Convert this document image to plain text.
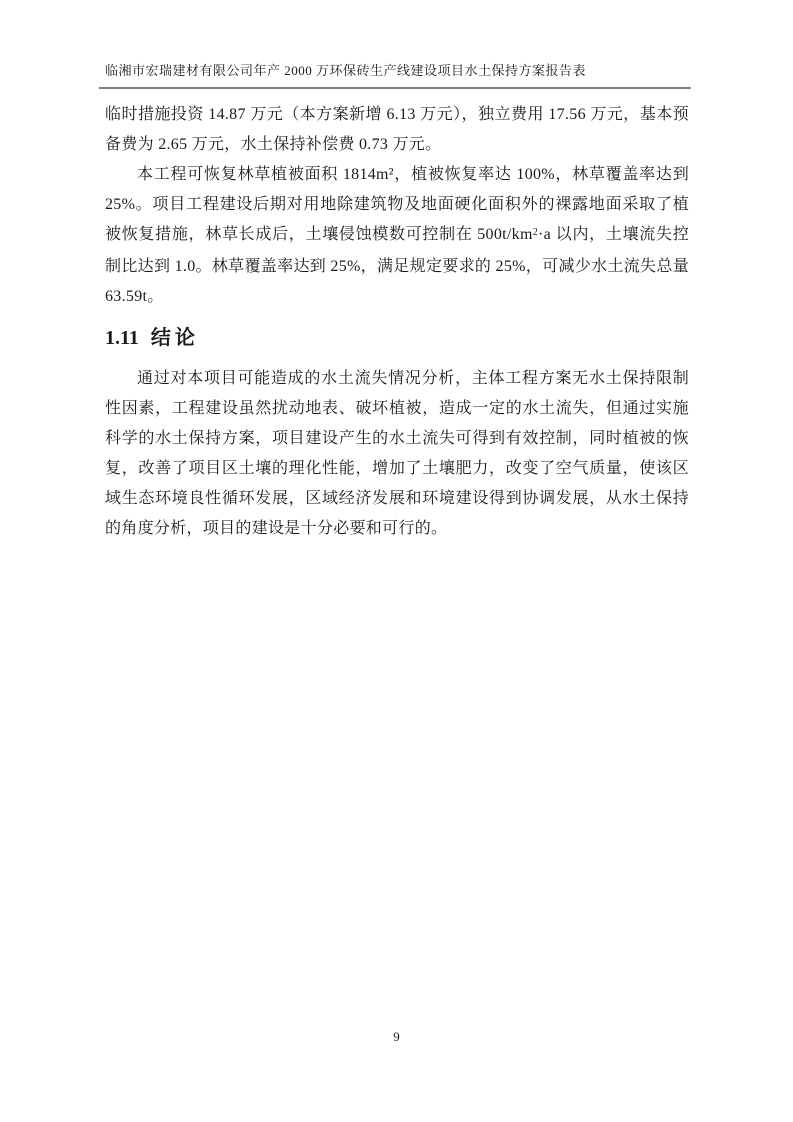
临湘市宏瑞建材有限公司年产 2000 万环保砖生产线建设项目水土保持方案报告表

临时措施投资 14.87 万元（本方案新增 6.13 万元），独立费用 17.56 万元，基本预备费为 2.65 万元，水土保持补偿费 0.73 万元。

本工程可恢复林草植被面积 1814m²，植被恢复率达 100%，林草覆盖率达到 25%。项目工程建设后期对用地除建筑物及地面硬化面积外的裸露地面采取了植被恢复措施，林草长成后，土壤侵蚀模数可控制在 $500t/km^2\cdot a$ 以内，土壤流失控制比达到 1.0。林草覆盖率达到 25%，满足规定要求的 25%，可减少水土流失总量 63.59t。

1.11 结论

通过对本项目可能造成的水土流失情况分析，主体工程方案无水土保持限制性因素，工程建设虽然扰动地表、破坏植被，造成一定的水土流失，但通过实施科学的水土保持方案，项目建设产生的水土流失可得到有效控制，同时植被的恢复，改善了项目区土壤的理化性能，增加了土壤肥力，改变了空气质量，使该区域生态环境良性循环发展，区域经济发展和环境建设得到协调发展，从水土保持的角度分析，项目的建设是十分必要和可行的。

9
